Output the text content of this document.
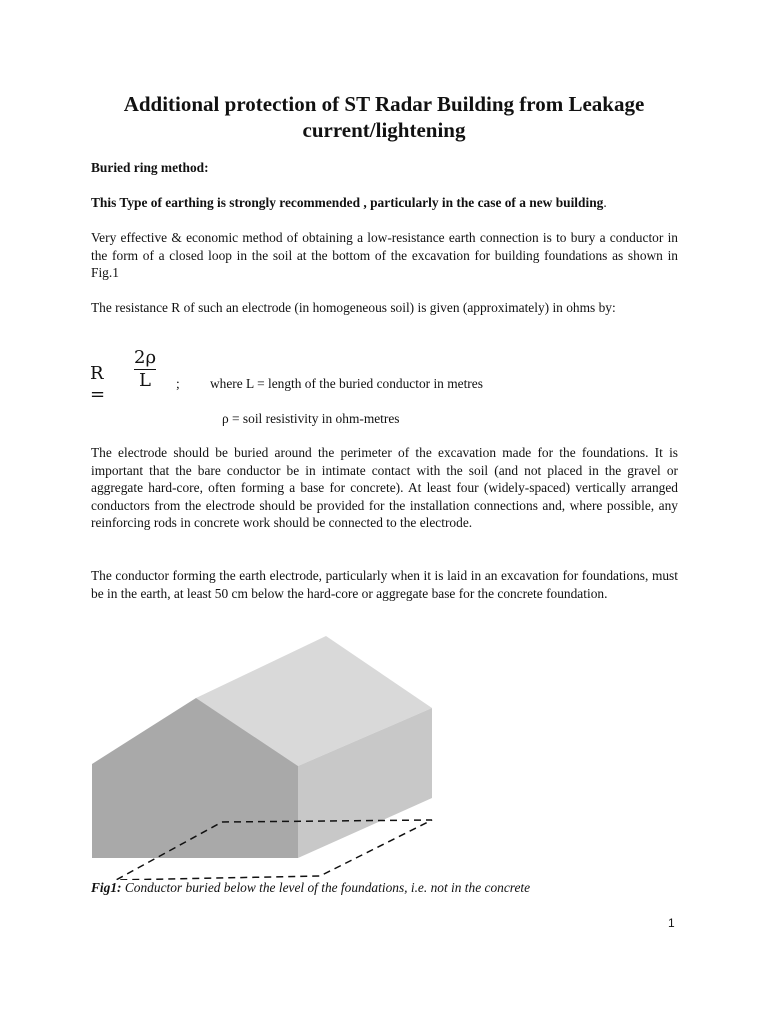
Additional protection of ST Radar Building from Leakage current/lightening

Buried ring method:

This Type of earthing is strongly recommended , particularly in the case of a new building.

Very effective & economic method of obtaining a low-resistance earth connection is to bury a conductor in the form of a closed loop in the soil at the bottom of the excavation for building foundations as shown in Fig.1

The resistance R of such an electrode (in homogeneous soil) is given (approximately) in ohms by:

R =
2ρ
L	; where L = length of the buried conductor in metres
ρ = soil resistivity in ohm-metres

The electrode should be buried around the perimeter of the excavation made for the foundations. It is important that the bare conductor be in intimate contact with the soil (and not placed in the gravel or aggregate hard-core, often forming a base for concrete). At least four (widely-spaced) vertically arranged conductors from the electrode should be provided for the installation connections and, where possible, any reinforcing rods in concrete work should be connected to the electrode.

The conductor forming the earth electrode, particularly when it is laid in an excavation for foundations, must be in the earth, at least 50 cm below the hard-core or aggregate base for the concrete foundation.

Fig1: Conductor buried below the level of the foundations, i.e. not in the concrete
1
